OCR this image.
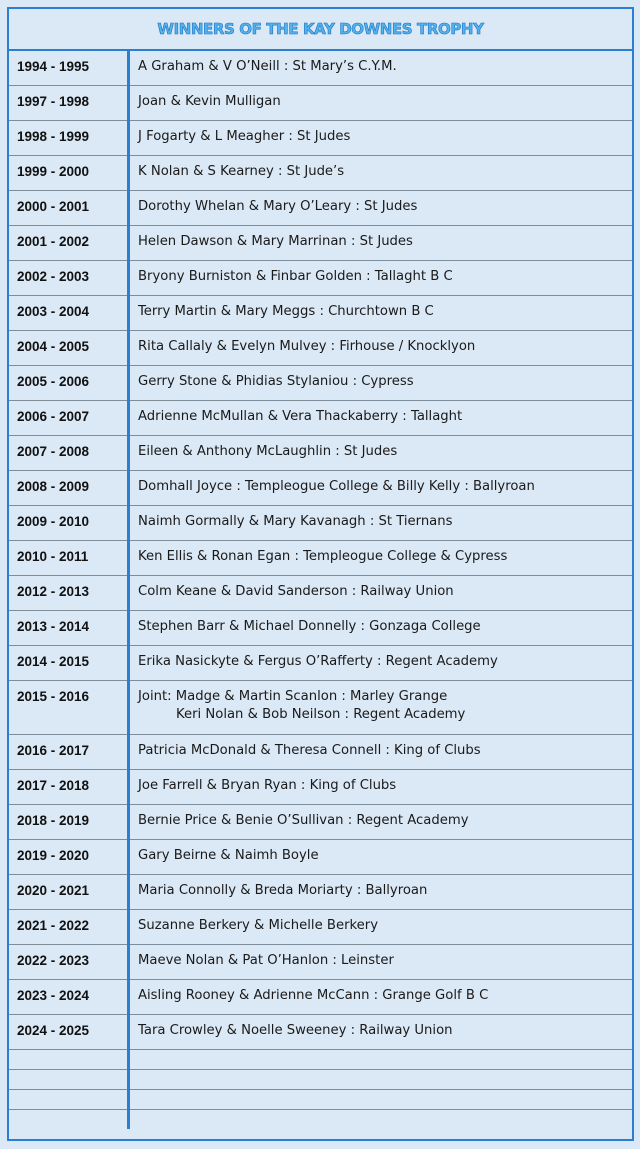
WINNERS OF THE KAY DOWNES TROPHY
1994 - 1995	A Graham & V O’Neill : St Mary’s C.Y.M.
1997 - 1998	Joan & Kevin Mulligan
1998 - 1999	J Fogarty & L Meagher : St Judes
1999 - 2000	K Nolan & S Kearney : St Jude’s
2000 - 2001	Dorothy Whelan & Mary O’Leary : St Judes
2001 - 2002	Helen Dawson & Mary Marrinan : St Judes
2002 - 2003	Bryony Burniston & Finbar Golden : Tallaght B C
2003 - 2004	Terry Martin & Mary Meggs : Churchtown B C
2004 - 2005	Rita Callaly & Evelyn Mulvey : Firhouse / Knocklyon
2005 - 2006	Gerry Stone & Phidias Stylaniou : Cypress
2006 - 2007	Adrienne McMullan & Vera Thackaberry : Tallaght
2007 - 2008	Eileen & Anthony McLaughlin : St Judes
2008 - 2009	Domhall Joyce : Templeogue College & Billy Kelly : Ballyroan
2009 - 2010	Naimh Gormally & Mary Kavanagh : St Tiernans
2010 - 2011	Ken Ellis & Ronan Egan : Templeogue College & Cypress
2012 - 2013	Colm Keane & David Sanderson : Railway Union
2013 - 2014	Stephen Barr & Michael Donnelly : Gonzaga College
2014 - 2015	Erika Nasickyte & Fergus O’Rafferty : Regent Academy
2015 - 2016	Joint: Madge & Martin Scanlon : Marley Grange
Keri Nolan & Bob Neilson : Regent Academy
2016 - 2017	Patricia McDonald & Theresa Connell : King of Clubs
2017 - 2018	Joe Farrell & Bryan Ryan : King of Clubs
2018 - 2019	Bernie Price & Benie O’Sullivan : Regent Academy
2019 - 2020	Gary Beirne & Naimh Boyle
2020 - 2021	Maria Connolly & Breda Moriarty : Ballyroan
2021 - 2022	Suzanne Berkery & Michelle Berkery
2022 - 2023	Maeve Nolan & Pat O’Hanlon : Leinster
2023 - 2024	Aisling Rooney & Adrienne McCann : Grange Golf B C
2024 - 2025	Tara Crowley & Noelle Sweeney : Railway Union
